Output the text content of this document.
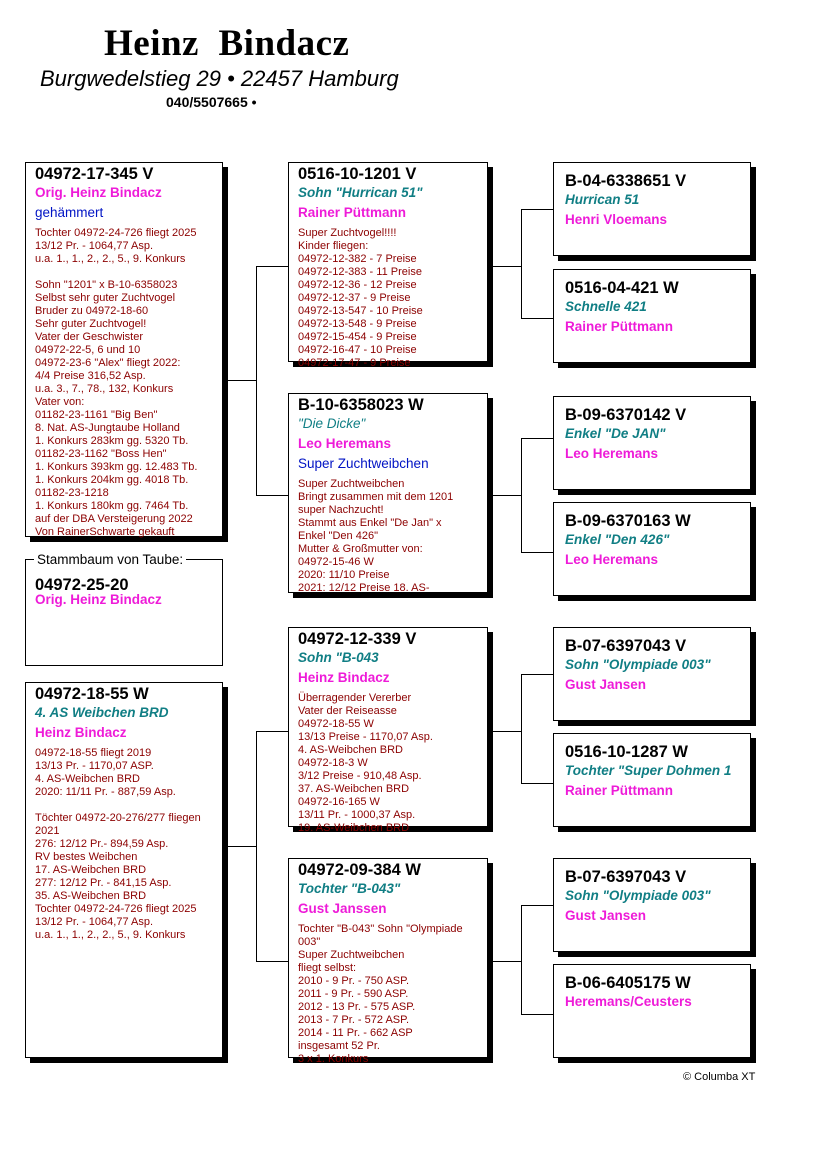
Heinz  Bindacz
Burgwedelstieg 29 • 22457 Hamburg
040/5507665 •
04972-17-345 V
Orig. Heinz Bindacz
gehämmert
Tochter 04972-24-726 fliegt 2025
13/12 Pr. - 1064,77 Asp.
u.a. 1., 1., 2., 2., 5., 9. Konkurs
Sohn "1201" x B-10-6358023
Selbst sehr guter Zuchtvogel
Bruder zu 04972-18-60
Sehr guter Zuchtvogel!
Vater der Geschwister
04972-22-5, 6 und 10
04972-23-6 "Alex" fliegt 2022:
4/4 Preise 316,52 Asp.
u.a. 3., 7., 78., 132, Konkurs
Vater von:
01182-23-1161 "Big Ben"
8. Nat. AS-Jungtaube Holland
1. Konkurs 283km gg. 5320 Tb.
01182-23-1162 "Boss Hen"
1. Konkurs 393km gg. 12.483 Tb.
1. Konkurs 204km gg. 4018 Tb.
01182-23-1218
1. Konkurs 180km gg. 7464 Tb.
auf der DBA Versteigerung 2022
Von RainerSchwarte gekauft
04972-25-20
Orig. Heinz Bindacz
Stammbaum von Taube:
04972-18-55 W
4. AS Weibchen BRD
Heinz Bindacz
04972-18-55 fliegt 2019
13/13 Pr. - 1170,07 ASP.
4. AS-Weibchen BRD
2020: 11/11 Pr. - 887,59 Asp.
Töchter 04972-20-276/277 fliegen
2021
276: 12/12 Pr.- 894,59 Asp.
RV bestes Weibchen
17. AS-Weibchen BRD
277: 12/12 Pr. - 841,15 Asp.
35. AS-Weibchen BRD
Tochter 04972-24-726 fliegt 2025
13/12 Pr. - 1064,77 Asp.
u.a. 1., 1., 2., 2., 5., 9. Konkurs
0516-10-1201 V
Sohn "Hurrican 51"
Rainer Püttmann
Super Zuchtvogel!!!!
Kinder fliegen:
04972-12-382 - 7 Preise
04972-12-383 - 11 Preise
04972-12-36 - 12 Preise
04972-12-37 - 9 Preise
04972-13-547 - 10 Preise
04972-13-548 - 9 Preise
04972-15-454 - 9 Preise
04972-16-47 - 10 Preise
04972-17-47 - 9 Preise
B-10-6358023 W
"Die Dicke"
Leo Heremans
Super Zuchtweibchen
Super Zuchtweibchen
Bringt zusammen mit dem 1201
super Nachzucht!
Stammt aus Enkel "De Jan" x
Enkel "Den 426"
Mutter & Großmutter von:
04972-15-46 W
2020: 11/10 Preise
2021: 12/12 Preise 18. AS-
04972-12-339 V
Sohn "B-043
Heinz Bindacz
Überragender Vererber
Vater der Reiseasse
04972-18-55 W
13/13 Preise - 1170,07 Asp.
4. AS-Weibchen BRD
04972-18-3 W
3/12 Preise - 910,48 Asp.
37. AS-Weibchen BRD
04972-16-165 W
13/11 Pr. - 1000,37 Asp.
19. AS-Weibchen BRD
04972-09-384 W
Tochter "B-043"
Gust Janssen
Tochter "B-043" Sohn "Olympiade
003"
Super Zuchtweibchen
fliegt selbst:
2010 - 9 Pr. - 750 ASP.
2011 - 9 Pr. - 590 ASP.
2012 - 13 Pr. - 575 ASP.
2013 - 7 Pr. - 572 ASP.
2014 - 11 Pr. - 662 ASP
insgesamt 52 Pr.
3 x 1. Konkurs
B-04-6338651 V
Hurrican 51
Henri Vloemans
0516-04-421 W
Schnelle 421
Rainer Püttmann
B-09-6370142 V
Enkel "De JAN"
Leo Heremans
B-09-6370163 W
Enkel "Den 426"
Leo Heremans
B-07-6397043 V
Sohn "Olympiade 003"
Gust Jansen
0516-10-1287 W
Tochter "Super Dohmen 1
Rainer Püttmann
B-07-6397043 V
Sohn "Olympiade 003"
Gust Jansen
B-06-6405175 W
Heremans/Ceusters
© Columba XT
